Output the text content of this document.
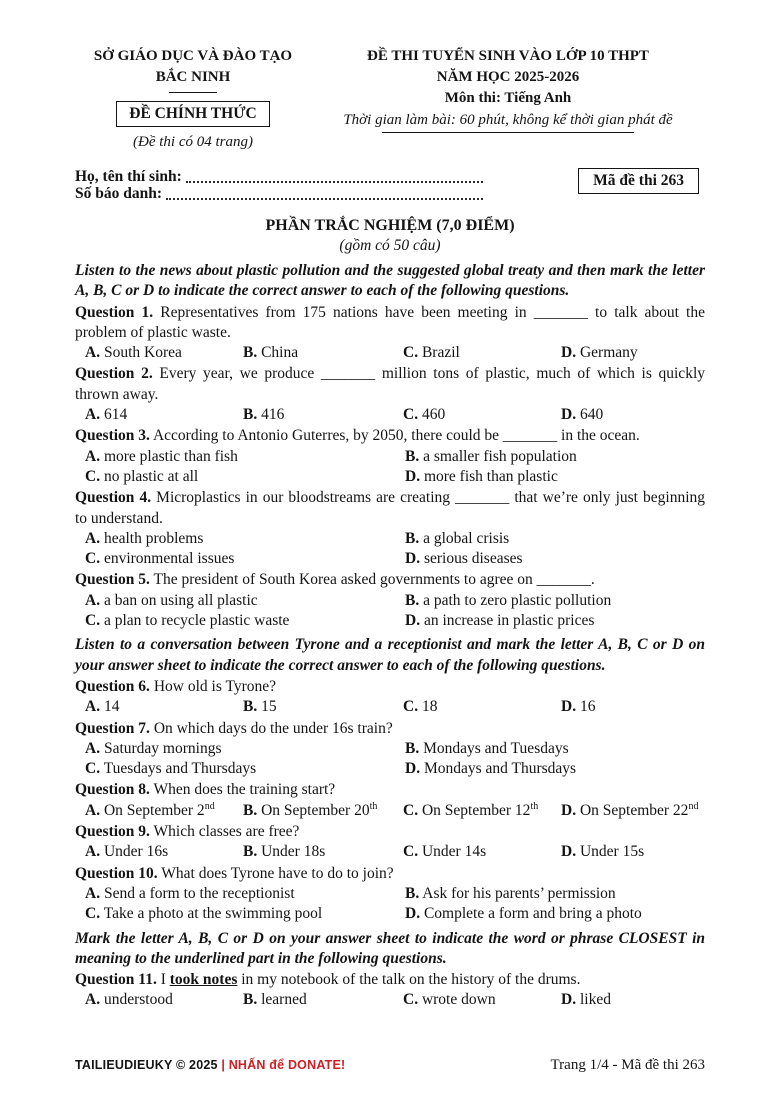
SỞ GIÁO DỤC VÀ ĐÀO TẠO
BẮC NINH
ĐỀ CHÍNH THỨC
(Đề thi có 04 trang)
ĐỀ THI TUYỂN SINH VÀO LỚP 10 THPT
NĂM HỌC 2025-2026
Môn thi: Tiếng Anh
Thời gian làm bài: 60 phút, không kể thời gian phát đề
Họ, tên thí sinh:
Số báo danh:
Mã đề thi 263
PHẦN TRẮC NGHIỆM (7,0 ĐIỂM)
(gồm có 50 câu)

Listen to the news about plastic pollution and the suggested global treaty and then mark the letter A, B, C or D to indicate the correct answer to each of the following questions.

Question 1. Representatives from 175 nations have been meeting in _______ to talk about the problem of plastic waste.

A. South Korea	B. China	C. Brazil	D. Germany

Question 2. Every year, we produce _______ million tons of plastic, much of which is quickly thrown away.

A. 614	B. 416	C. 460	D. 640

Question 3. According to Antonio Guterres, by 2050, there could be _______ in the ocean.

A. more plastic than fish	B. a smaller fish population
C. no plastic at all	D. more fish than plastic

Question 4. Microplastics in our bloodstreams are creating _______ that we’re only just beginning to understand.

A. health problems	B. a global crisis
C. environmental issues	D. serious diseases

Question 5. The president of South Korea asked governments to agree on _______.

A. a ban on using all plastic	B. a path to zero plastic pollution
C. a plan to recycle plastic waste	D. an increase in plastic prices

Listen to a conversation between Tyrone and a receptionist and mark the letter A, B, C or D on your answer sheet to indicate the correct answer to each of the following questions.

Question 6. How old is Tyrone?

A. 14	B. 15	C. 18	D. 16

Question 7. On which days do the under 16s train?

A. Saturday mornings	B. Mondays and Tuesdays
C. Tuesdays and Thursdays	D. Mondays and Thursdays

Question 8. When does the training start?

A. On September 2nd	B. On September 20th	C. On September 12th	D. On September 22nd

Question 9. Which classes are free?

A. Under 16s	B. Under 18s	C. Under 14s	D. Under 15s

Question 10. What does Tyrone have to do to join?

A. Send a form to the receptionist	B. Ask for his parents’ permission
C. Take a photo at the swimming pool	D. Complete a form and bring a photo

Mark the letter A, B, C or D on your answer sheet to indicate the word or phrase CLOSEST in meaning to the underlined part in the following questions.

Question 11. I took notes in my notebook of the talk on the history of the drums.

A. understood	B. learned	C. wrote down	D. liked
TAILIEUDIEUKY © 2025 | NHẤN để DONATE!	Trang 1/4 - Mã đề thi 263
